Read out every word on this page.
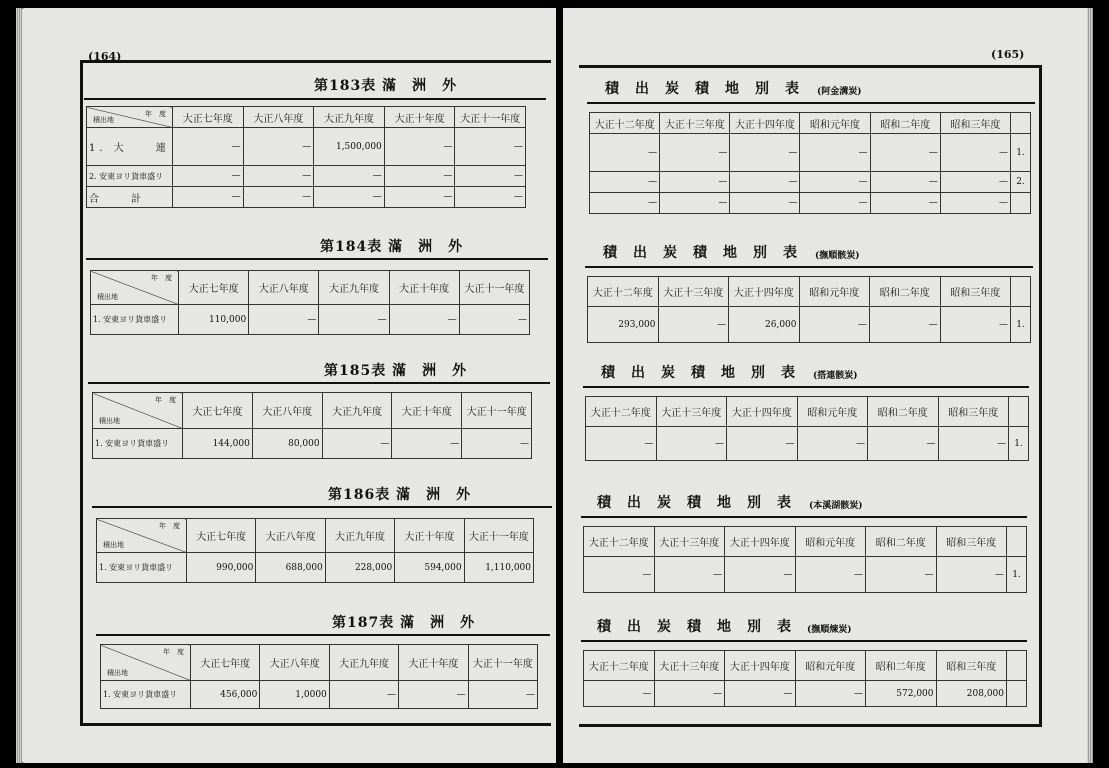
(164)
第183表 滿　洲　外
年　度
積出地	大正七年度	大正八年度	大正九年度	大正十年度	大正十一年度
1. 大　　連	—	—	1,500,000	—	—
2. 安東ヨリ貨車盛リ	—	—	—	—	—
合　　計	—	—	—	—	—
第184表 滿　洲　外
年　度
積出地	大正七年度	大正八年度	大正九年度	大正十年度	大正十一年度
1. 安東ヨリ貨車盛リ	110,000	—	—	—	—
第185表 滿　洲　外
年　度
積出地	大正七年度	大正八年度	大正九年度	大正十年度	大正十一年度
1. 安東ヨリ貨車盛リ	144,000	80,000	—	—	—
第186表 滿　洲　外
年　度
積出地	大正七年度	大正八年度	大正九年度	大正十年度	大正十一年度
1. 安東ヨリ貨車盛リ	990,000	688,000	228,000	594,000	1,110,000
第187表 滿　洲　外
年　度
積出地	大正七年度	大正八年度	大正九年度	大正十年度	大正十一年度
1. 安東ヨリ貨車盛リ	456,000	1,0000	—	—	—
(165)
積　出　炭　積　地　別　表 (阿金溝炭)
大正十二年度	大正十三年度	大正十四年度	昭和元年度	昭和二年度	昭和三年度	
—	—	—	—	—	—	1.
—	—	—	—	—	—	2.
—	—	—	—	—	—	
積　出　炭　積　地　別　表 (撫順骸炭)
大正十二年度	大正十三年度	大正十四年度	昭和元年度	昭和二年度	昭和三年度	
293,000	—	26,000	—	—	—	1.
積　出　炭　積　地　別　表 (搭連骸炭)
大正十二年度	大正十三年度	大正十四年度	昭和元年度	昭和二年度	昭和三年度	
—	—	—	—	—	—	1.
積　出　炭　積　地　別　表 (本溪湖骸炭)
大正十二年度	大正十三年度	大正十四年度	昭和元年度	昭和二年度	昭和三年度	
—	—	—	—	—	—	1.
積　出　炭　積　地　別　表 (撫順煉炭)
大正十二年度	大正十三年度	大正十四年度	昭和元年度	昭和二年度	昭和三年度	
—	—	—	—	572,000	208,000	
